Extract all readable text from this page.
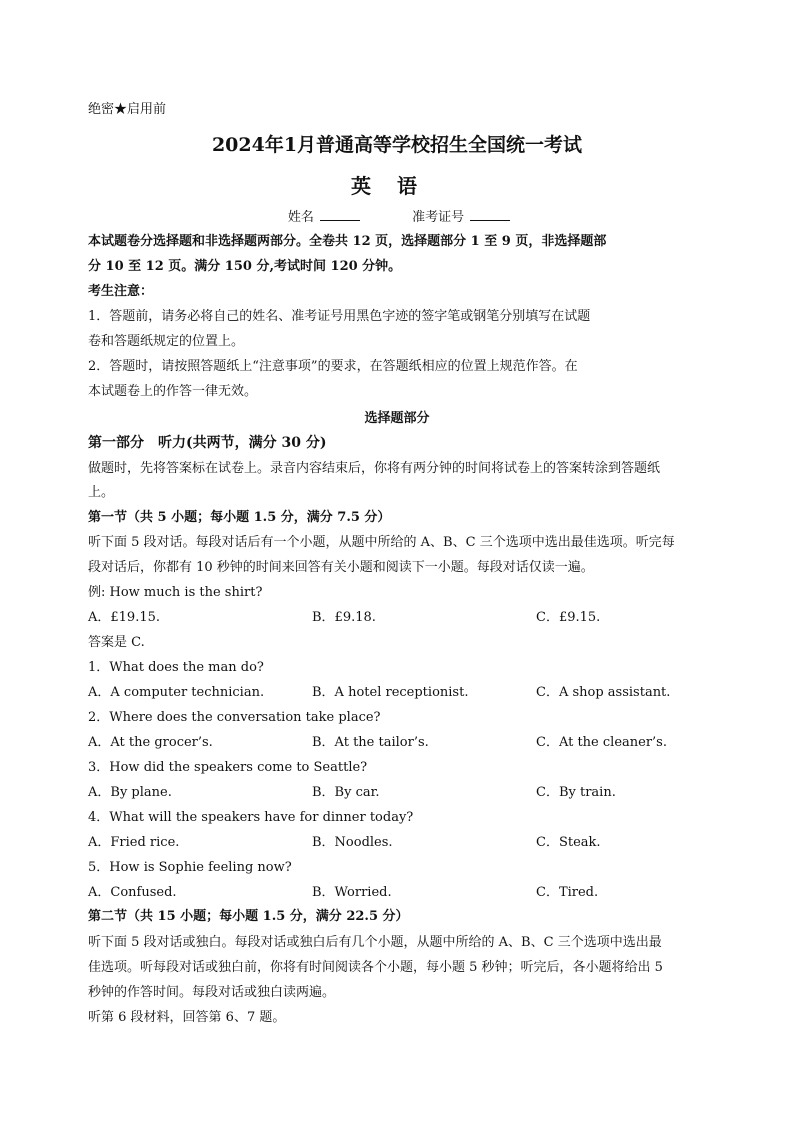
绝密★启用前
2024年1月普通高等学校招生全国统一考试
英语
姓名	准考证号
本试题卷分选择题和非选择题两部分。全卷共 12 页，选择题部分 1 至 9 页，非选择题部
分 10 至 12 页。满分 150 分,考试时间 120 分钟。
考生注意：
1．答题前，请务必将自己的姓名、准考证号用黑色字迹的签字笔或钢笔分别填写在试题
卷和答题纸规定的位置上。
2．答题时，请按照答题纸上“注意事项”的要求，在答题纸相应的位置上规范作答。在
本试题卷上的作答一律无效。
选择题部分
第一部分　听力(共两节，满分 30 分)
做题时，先将答案标在试卷上。录音内容结束后，你将有两分钟的时间将试卷上的答案转涂到答题纸
上。
第一节（共 5 小题；每小题 1.5 分，满分 7.5 分）
听下面 5 段对话。每段对话后有一个小题，从题中所给的 A、B、C 三个选项中选出最佳选项。听完每
段对话后，你都有 10 秒钟的时间来回答有关小题和阅读下一小题。每段对话仅读一遍。
例: How much is the shirt?
A．£19.15.	B．£9.18.	C．£9.15.
答案是 C.
1．What does the man do?
A．A computer technician.	B．A hotel receptionist.	C．A shop assistant.
2．Where does the conversation take place?
A．At the grocer’s.	B．At the tailor’s.	C．At the cleaner’s.
3．How did the speakers come to Seattle?
A．By plane.	B．By car.	C．By train.
4．What will the speakers have for dinner today?
A．Fried rice.	B．Noodles.	C．Steak.
5．How is Sophie feeling now?
A．Confused.	B．Worried.	C．Tired.
第二节（共 15 小题；每小题 1.5 分，满分 22.5 分）
听下面 5 段对话或独白。每段对话或独白后有几个小题，从题中所给的 A、B、C 三个选项中选出最
佳选项。听每段对话或独白前，你将有时间阅读各个小题，每小题 5 秒钟；听完后，各小题将给出 5
秒钟的作答时间。每段对话或独白读两遍。
听第 6 段材料，回答第 6、7 题。
